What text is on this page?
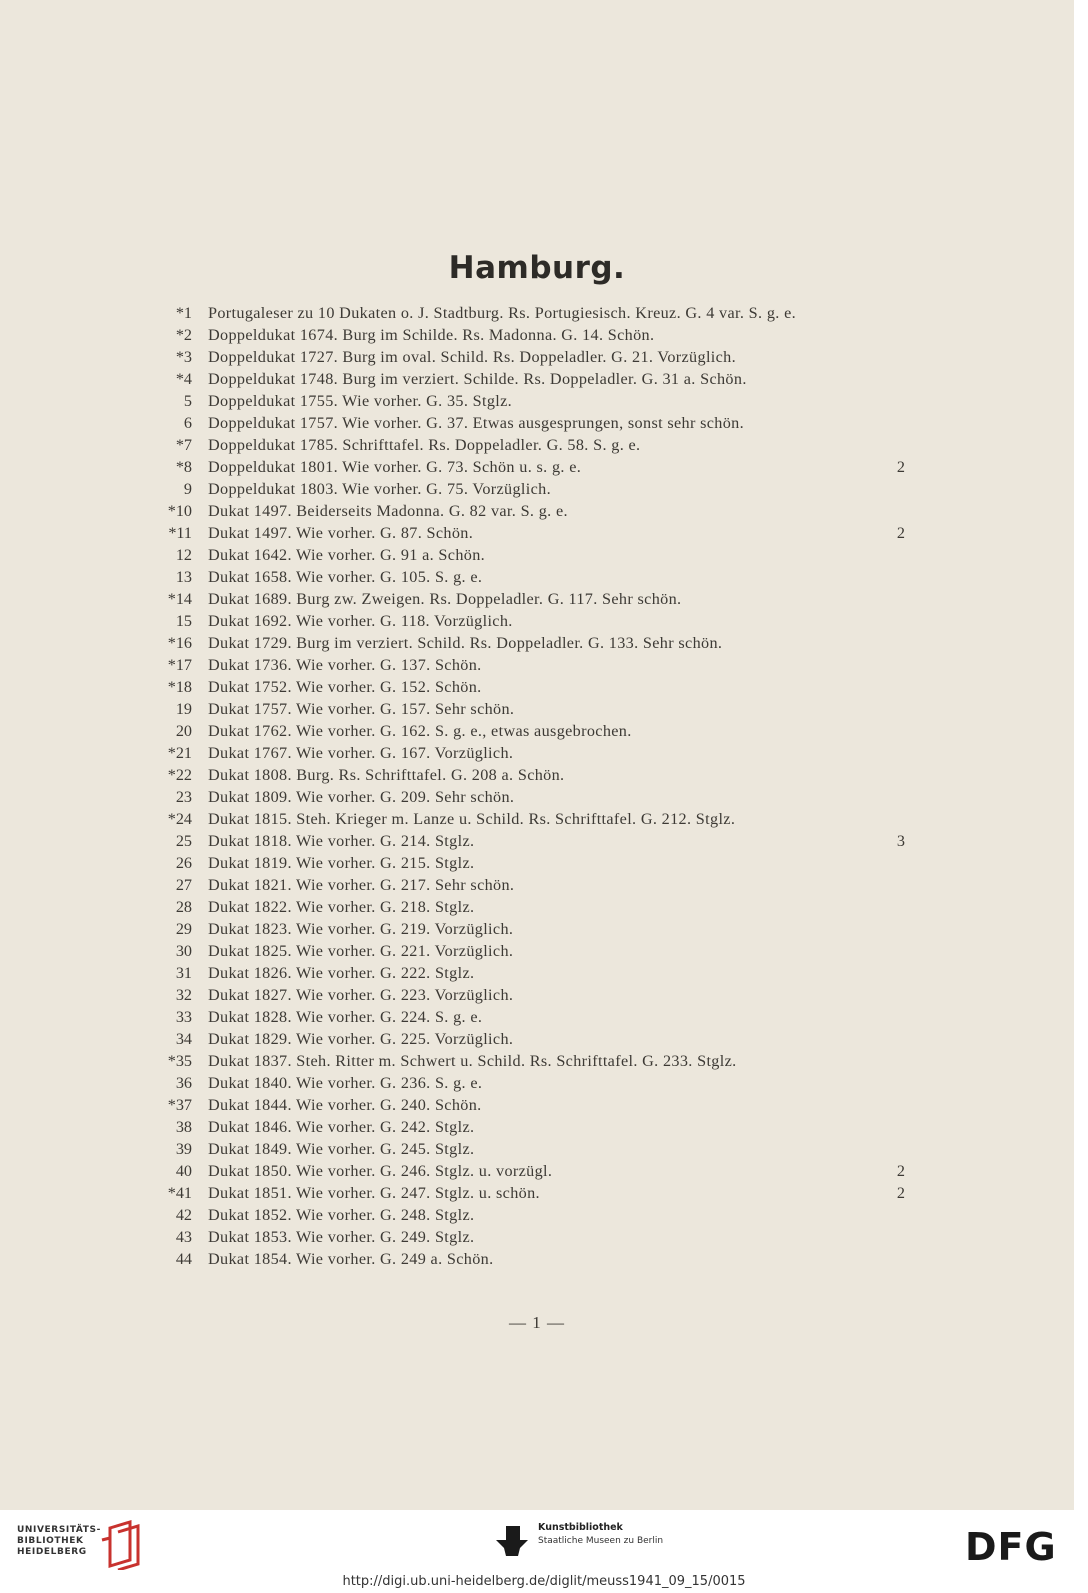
Hamburg.
*1 Portugaleser zu 10 Dukaten o. J. Stadtburg. Rs. Portugiesisch. Kreuz. G. 4 var. S. g. e.
*2 Doppeldukat 1674. Burg im Schilde. Rs. Madonna. G. 14. Schön.
*3 Doppeldukat 1727. Burg im oval. Schild. Rs. Doppeladler. G. 21. Vorzüglich.
*4 Doppeldukat 1748. Burg im verziert. Schilde. Rs. Doppeladler. G. 31 a. Schön.
5 Doppeldukat 1755. Wie vorher. G. 35. Stglz.
6 Doppeldukat 1757. Wie vorher. G. 37. Etwas ausgesprungen, sonst sehr schön.
*7 Doppeldukat 1785. Schrifttafel. Rs. Doppeladler. G. 58. S. g. e.
*8 Doppeldukat 1801. Wie vorher. G. 73. Schön u. s. g. e.	2
9 Doppeldukat 1803. Wie vorher. G. 75. Vorzüglich.
*10 Dukat 1497. Beiderseits Madonna. G. 82 var. S. g. e.
*11 Dukat 1497. Wie vorher. G. 87. Schön.	2
12 Dukat 1642. Wie vorher. G. 91 a. Schön.
13 Dukat 1658. Wie vorher. G. 105. S. g. e.
*14 Dukat 1689. Burg zw. Zweigen. Rs. Doppeladler. G. 117. Sehr schön.
15 Dukat 1692. Wie vorher. G. 118. Vorzüglich.
*16 Dukat 1729. Burg im verziert. Schild. Rs. Doppeladler. G. 133. Sehr schön.
*17 Dukat 1736. Wie vorher. G. 137. Schön.
*18 Dukat 1752. Wie vorher. G. 152. Schön.
19 Dukat 1757. Wie vorher. G. 157. Sehr schön.
20 Dukat 1762. Wie vorher. G. 162. S. g. e., etwas ausgebrochen.
*21 Dukat 1767. Wie vorher. G. 167. Vorzüglich.
*22 Dukat 1808. Burg. Rs. Schrifttafel. G. 208 a. Schön.
23 Dukat 1809. Wie vorher. G. 209. Sehr schön.
*24 Dukat 1815. Steh. Krieger m. Lanze u. Schild. Rs. Schrifttafel. G. 212. Stglz.
25 Dukat 1818. Wie vorher. G. 214. Stglz.	3
26 Dukat 1819. Wie vorher. G. 215. Stglz.
27 Dukat 1821. Wie vorher. G. 217. Sehr schön.
28 Dukat 1822. Wie vorher. G. 218. Stglz.
29 Dukat 1823. Wie vorher. G. 219. Vorzüglich.
30 Dukat 1825. Wie vorher. G. 221. Vorzüglich.
31 Dukat 1826. Wie vorher. G. 222. Stglz.
32 Dukat 1827. Wie vorher. G. 223. Vorzüglich.
33 Dukat 1828. Wie vorher. G. 224. S. g. e.
34 Dukat 1829. Wie vorher. G. 225. Vorzüglich.
*35 Dukat 1837. Steh. Ritter m. Schwert u. Schild. Rs. Schrifttafel. G. 233. Stglz.
36 Dukat 1840. Wie vorher. G. 236. S. g. e.
*37 Dukat 1844. Wie vorher. G. 240. Schön.
38 Dukat 1846. Wie vorher. G. 242. Stglz.
39 Dukat 1849. Wie vorher. G. 245. Stglz.
40 Dukat 1850. Wie vorher. G. 246. Stglz. u. vorzügl.	2
*41 Dukat 1851. Wie vorher. G. 247. Stglz. u. schön.	2
42 Dukat 1852. Wie vorher. G. 248. Stglz.
43 Dukat 1853. Wie vorher. G. 249. Stglz.
44 Dukat 1854. Wie vorher. G. 249 a. Schön.
— 1 —
UNIVERSITÄTS-
BIBLIOTHEK
HEIDELBERG
Kunstbibliothek
Staatliche Museen zu Berlin	DFG
http://digi.ub.uni-heidelberg.de/diglit/meuss1941_09_15/0015
